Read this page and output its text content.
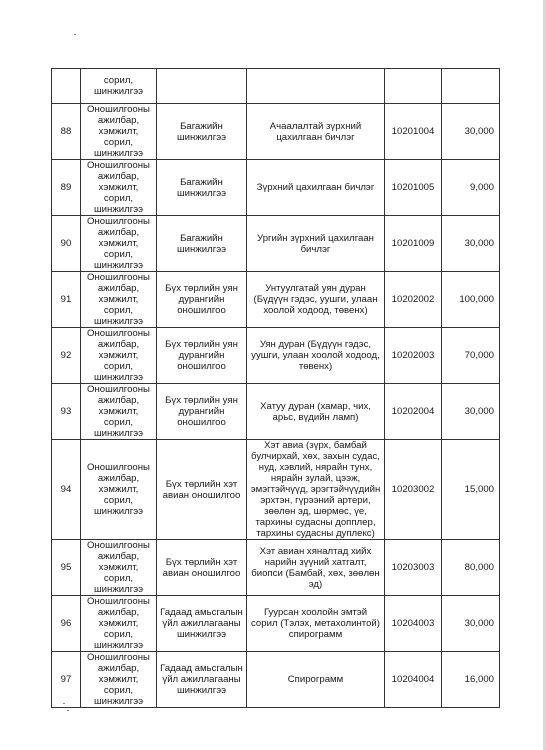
	сорил,
шинжилгээ				
88	Оношилгооны ажилбар, хэмжилт, сорил, шинжилгээ	Багажийн шинжилгээ	Ачаалалтай зүрхний цахилгаан бичлэг	10201004	30,000
89	Оношилгооны ажилбар, хэмжилт, сорил, шинжилгээ	Багажийн шинжилгээ	Зүрхний цахилгаан бичлэг	10201005	9,000
90	Оношилгооны ажилбар, хэмжилт, сорил, шинжилгээ	Багажийн шинжилгээ	Ургийн зүрхний цахилгаан бичлэг	10201009	30,000
91	Оношилгооны ажилбар, хэмжилт, сорил, шинжилгээ	Бүх төрлийн уян дурангийн оношилгоо	Унтуулгатай уян дуран (Бүдүүн гэдэс, уушги, улаан хоолой ходоод, төвенх)	10202002	100,000
92	Оношилгооны ажилбар, хэмжилт, сорил, шинжилгээ	Бүх төрлийн уян дурангийн оношилгоо	Уян дуран (Бүдүүн гэдэс, уушги, улаан хоолой ходоод, төвенх)	10202003	70,000
93	Оношилгооны ажилбар, хэмжилт, сорил, шинжилгээ	Бүх төрлийн уян дурангийн оношилгоо	Хатуу дуран (хамар, чих, арьс, вүдийн ламп)	10202004	30,000
94	Оношилгооны ажилбар, хэмжилт, сорил, шинжилгээ	Бүх төрлийн хэт авиан оношилгоо	Хэт авиа (зүрх, бамбай булчирхай, хөх, захын судас, нуд, хэвлий, нярайн тунх, нярайн зулай, цээж, эмэгтэйчүүд, эрэгтэйчүүдийн эрхтэн, гүрээний артери, зөөлөн эд, шөрмөс, үе, тархины судасны допплер, тархины судасны дуплекс)	10203002	15,000
95	Оношилгооны ажилбар, хэмжилт, сорил, шинжилгээ	Бүх төрлийн хэт авиан оношилгоо	Хэт авиан хяналтад хийх нарийн зүүний хатгалт, биопси (Бамбай, хөх, зөөлөн эд)	10203003	80,000
96	Оношилгооны ажилбар, хэмжилт, сорил, шинжилгээ	Гадаад амьсгалын үйл ажиллагааны шинжилгээ	Гуурсан хоолойн эмтэй сорил (Тэлэх, метахолинтой) спирограмм	10204003	30,000
97	Оношилгооны ажилбар, хэмжилт, сорил, шинжилгээ	Гадаад амьсгалын үйл ажиллагааны шинжилгээ	Спирограмм	10204004	16,000
